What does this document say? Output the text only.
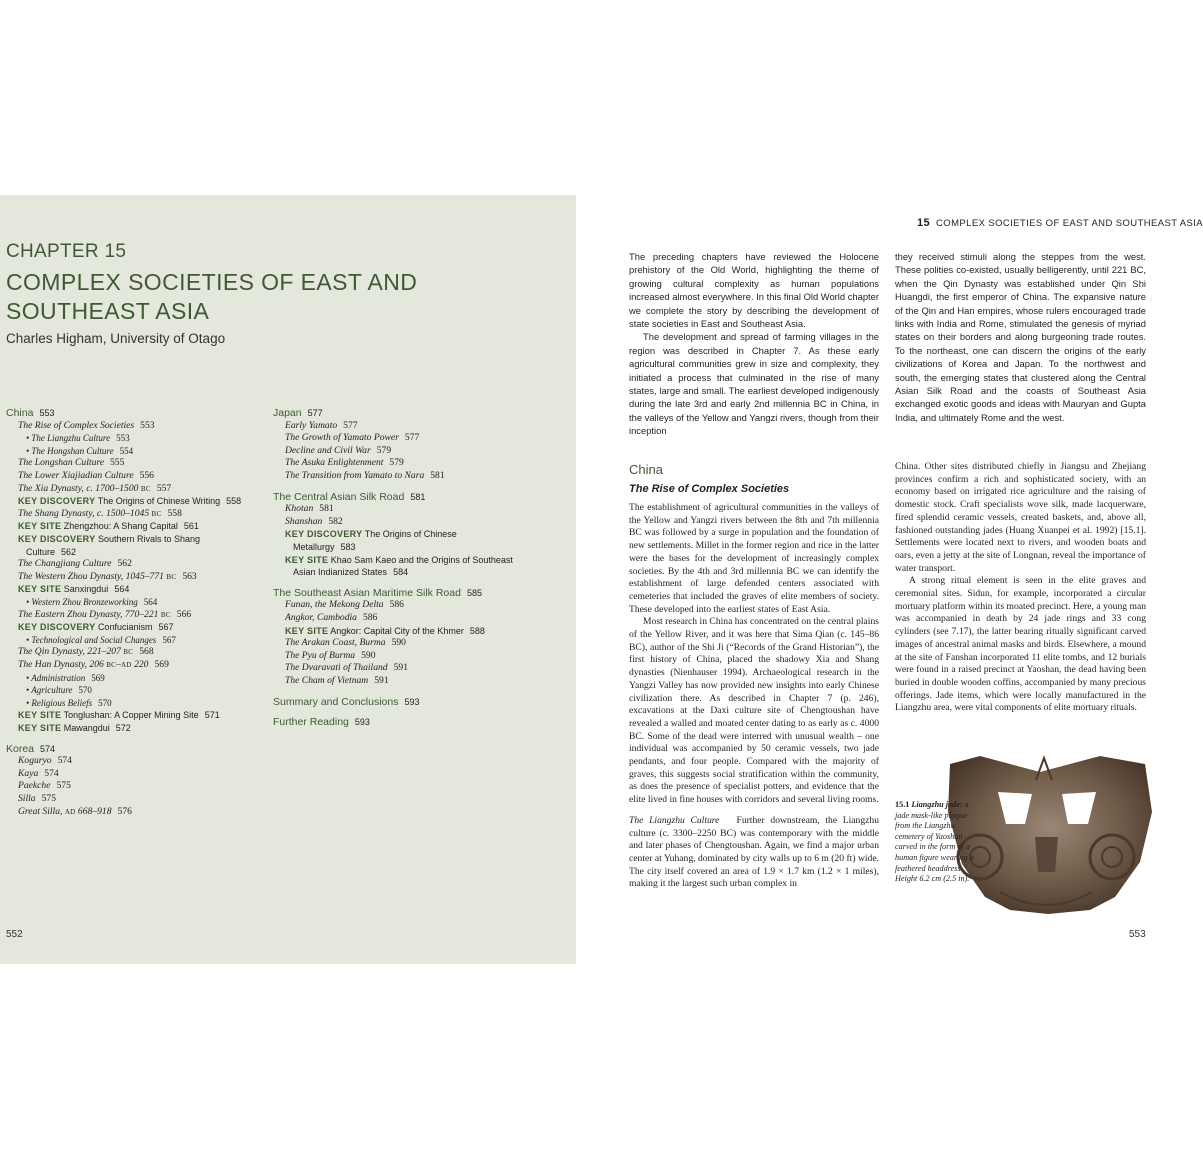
CHAPTER 15
COMPLEX SOCIETIES OF EAST AND
SOUTHEAST ASIA
Charles Higham, University of Otago
China 553
The Rise of Complex Societies 553
• The Liangzhu Culture 553
• The Hongshan Culture 554
The Longshan Culture 555
The Lower Xiajiadian Culture 556
The Xia Dynasty, c. 1700–1500 BC 557
KEY DISCOVERY The Origins of Chinese Writing 558
The Shang Dynasty, c. 1500–1045 BC 558
KEY SITE Zhengzhou: A Shang Capital 561
KEY DISCOVERY Southern Rivals to Shang
Culture 562
The Changjiang Culture 562
The Western Zhou Dynasty, 1045–771 BC 563
KEY SITE Sanxingdui 564
• Western Zhou Bronzeworking 564
The Eastern Zhou Dynasty, 770–221 BC 566
KEY DISCOVERY Confucianism 567
• Technological and Social Changes 567
The Qin Dynasty, 221–207 BC 568
The Han Dynasty, 206 BC–AD 220 569
• Administration 569
• Agriculture 570
• Religious Beliefs 570
KEY SITE Tonglushan: A Copper Mining Site 571
KEY SITE Mawangdui 572
Korea 574
Koguryo 574
Kaya 574
Paekche 575
Silla 575
Great Silla, AD 668–918 576
Japan 577
Early Yamato 577
The Growth of Yamato Power 577
Decline and Civil War 579
The Asuka Enlightenment 579
The Transition from Yamato to Nara 581
The Central Asian Silk Road 581
Khotan 581
Shanshan 582
KEY DISCOVERY The Origins of Chinese
Metallurgy 583
KEY SITE Khao Sam Kaeo and the Origins of Southeast
Asian Indianized States 584
The Southeast Asian Maritime Silk Road 585
Funan, the Mekong Delta 586
Angkor, Cambodia 586
KEY SITE Angkor: Capital City of the Khmer 588
The Arakan Coast, Burma 590
The Pyu of Burma 590
The Dvaravati of Thailand 591
The Cham of Vietnam 591
Summary and Conclusions 593
Further Reading 593
552
15 COMPLEX SOCIETIES OF EAST AND SOUTHEAST ASIA

The preceding chapters have reviewed the Holocene prehistory of the Old World, highlighting the theme of growing cultural complexity as human populations increased almost everywhere. In this final Old World chapter we complete the story by describing the development of state societies in East and Southeast Asia.

The development and spread of farming villages in the region was described in Chapter 7. As these early agricultural communities grew in size and complexity, they initiated a process that culminated in the rise of many states, large and small. The earliest developed indigenously during the late 3rd and early 2nd millennia BC in China, in the valleys of the Yellow and Yangzi rivers, though from their inception

they received stimuli along the steppes from the west. These polities co-existed, usually belligerently, until 221 BC, when the Qin Dynasty was established under Qin Shi Huangdi, the first emperor of China. The expansive nature of the Qin and Han empires, whose rulers encouraged trade links with India and Rome, stimulated the genesis of myriad states on their borders and along burgeoning trade routes. To the northeast, one can discern the origins of the early civilizations of Korea and Japan. To the northwest and south, the emerging states that clustered along the Central Asian Silk Road and the coasts of Southeast Asia exchanged exotic goods and ideas with Mauryan and Gupta India, and ultimately Rome and the west.

China
The Rise of Complex Societies

The establishment of agricultural communities in the valleys of the Yellow and Yangzi rivers between the 8th and 7th millennia BC was followed by a surge in population and the foundation of new settlements. Millet in the former region and rice in the latter were the bases for the development of increasingly complex societies. By the 4th and 3rd millennia BC we can identify the establishment of large defended centers associated with cemeteries that included the graves of elite members of society. These developed into the earliest states of East Asia.

Most research in China has concentrated on the central plains of the Yellow River, and it was here that Sima Qian (c. 145–86 BC), author of the Shi Ji (“Records of the Grand Historian”), the first history of China, placed the shadowy Xia and Shang dynasties (Nienhauser 1994). Archaeological research in the Yangzi Valley has now provided new insights into early Chinese civilization there. As described in Chapter 7 (p. 246), excavations at the Daxi culture site of Chengtoushan have revealed a walled and moated center dating to as early as c. 4000 BC. Some of the dead were interred with unusual wealth – one individual was accompanied by 50 ceramic vessels, two jade pendants, and four people. Compared with the majority of graves, this suggests social stratification within the community, as does the presence of specialist potters, and evidence that the elite lived in fine houses with corridors and several living rooms.

The Liangzhu Culture Further downstream, the Liangzhu culture (c. 3300–2250 BC) was contemporary with the middle and later phases of Chengtoushan. Again, we find a major urban center at Yuhang, dominated by city walls up to 6 m (20 ft) wide. The city itself covered an area of 1.9 × 1.7 km (1.2 × 1 miles), making it the largest such urban complex in

China. Other sites distributed chiefly in Jiangsu and Zhejiang provinces confirm a rich and sophisticated society, with an economy based on irrigated rice agriculture and the raising of domestic stock. Craft specialists wove silk, made lacquerware, fired splendid ceramic vessels, created baskets, and, above all, fashioned outstanding jades (Huang Xuanpei et al. 1992) [15.1]. Settlements were located next to rivers, and wooden boats and oars, even a jetty at the site of Longnan, reveal the importance of water transport.

A strong ritual element is seen in the elite graves and ceremonial sites. Sidun, for example, incorporated a circular mortuary platform within its moated precinct. Here, a young man was accompanied in death by 24 jade rings and 33 cong cylinders (see 7.17), the latter bearing ritually significant carved images of ancestral animal masks and birds. Elsewhere, a mound at the site of Fanshan incorporated 11 elite tombs, and 12 burials were found in a raised precinct at Yaoshan, the dead having been buried in double wooden coffins, accompanied by many precious offerings. Jade items, which were locally manufactured in the Liangzhu area, were vital components of elite mortuary rituals.

15.1 Liangzhu jade: a jade mask-like plaque from the Liangzhu cemetery of Yaoshan carved in the form of a human figure wearing a feathered headdress. Height 6.2 cm (2.5 in).
553
